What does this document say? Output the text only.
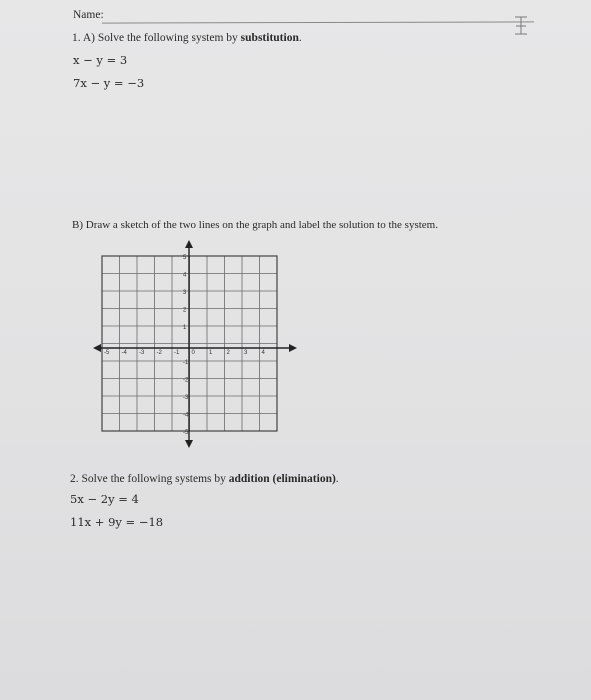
Name:
1. A) Solve the following system by substitution.
x − y = 3
7x − y = −3
B) Draw a sketch of the two lines on the graph and label the solution to the system.
-5 -4 -3 -2 -1 0 1 2 3 4
5
4
3
2
1
-1
-2
-3
-4
-5
2. Solve the following systems by addition (elimination).
5x − 2y = 4
11x + 9y = −18
